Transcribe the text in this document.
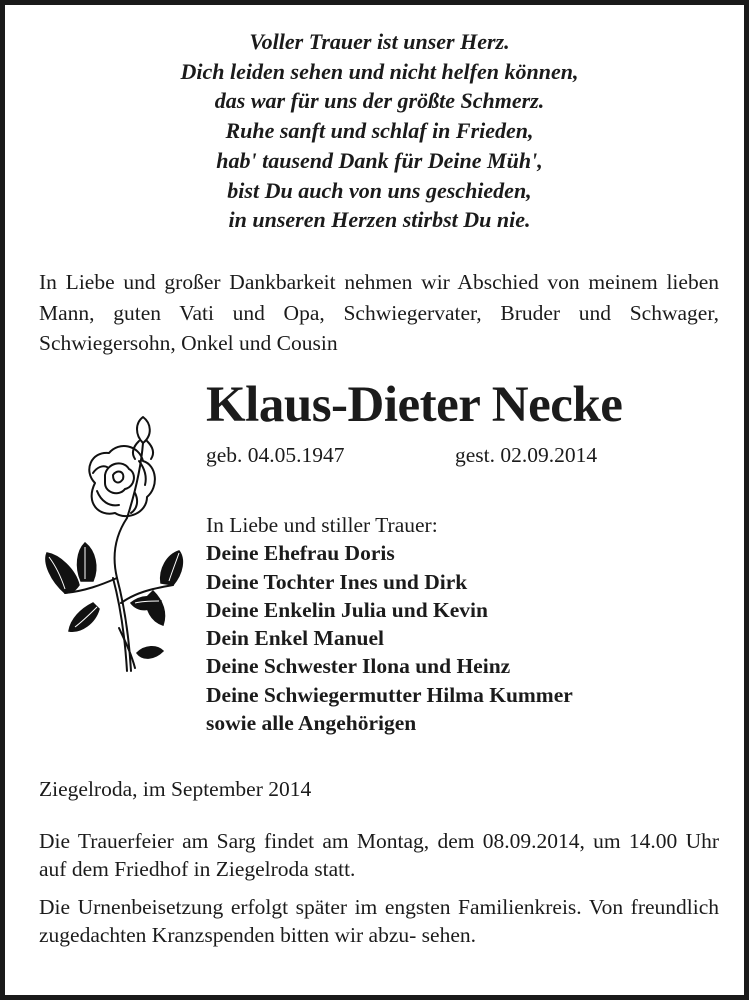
Voller Trauer ist unser Herz.
Dich leiden sehen und nicht helfen können,
das war für uns der größte Schmerz.
Ruhe sanft und schlaf in Frieden,
hab' tausend Dank für Deine Müh',
bist Du auch von uns geschieden,
in unseren Herzen stirbst Du nie.
In Liebe und großer Dankbarkeit nehmen wir Abschied von meinem lieben Mann, guten Vati und Opa, Schwiegervater, Bruder und Schwager, Schwiegersohn, Onkel und Cousin
Klaus-Dieter Necke
geb. 04.05.1947	gest. 02.09.2014
In Liebe und stiller Trauer:
Deine Ehefrau Doris
Deine Tochter Ines und Dirk
Deine Enkelin Julia und Kevin
Dein Enkel Manuel
Deine Schwester Ilona und Heinz
Deine Schwiegermutter Hilma Kummer
sowie alle Angehörigen
Ziegelroda, im September 2014
Die Trauerfeier am Sarg findet am Montag, dem 08.09.2014, um 14.00 Uhr auf dem Friedhof in Ziegelroda statt.
Die Urnenbeisetzung erfolgt später im engsten Familienkreis. Von freundlich zugedachten Kranzspenden bitten wir abzu- sehen.
